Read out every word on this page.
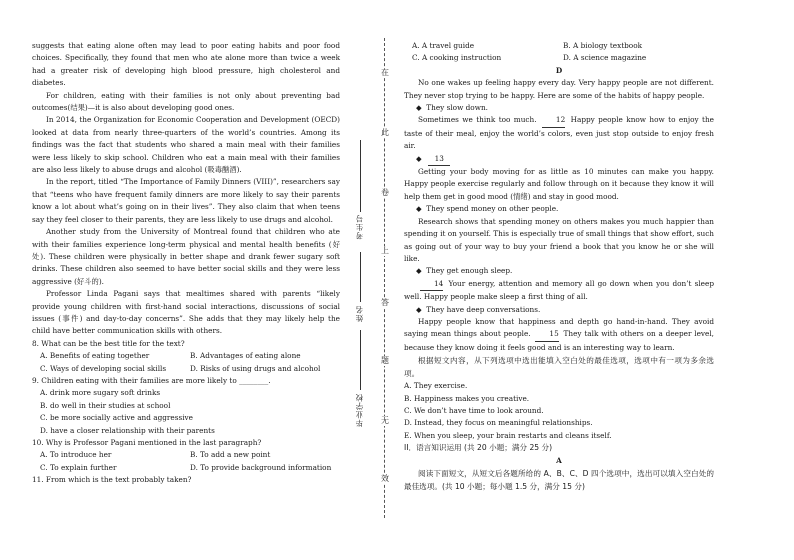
suggests that eating alone often may lead to poor eating habits and poor food choices. Specifically, they found that men who ate alone more than twice a week had a greater risk of developing high blood pressure, high cholesterol and diabetes.

For children, eating with their families is not only about preventing bad outcomes(结果)—it is also about developing good ones.

In 2014, the Organization for Economic Cooperation and Development (OECD) looked at data from nearly three-quarters of the world’s countries. Among its findings was the fact that students who shared a main meal with their families were less likely to skip school. Children who eat a main meal with their families are also less likely to abuse drugs and alcohol (吸毒酗酒).

In the report, titled “The Importance of Family Dinners (VIII)”, researchers say that “teens who have frequent family dinners are more likely to say their parents know a lot about what’s going on in their lives”. They also claim that when teens say they feel closer to their parents, they are less likely to use drugs and alcohol.

Another study from the University of Montreal found that children who ate with their families experience long-term physical and mental health benefits (好处). These children were physically in better shape and drank fewer sugary soft drinks. These children also seemed to have better social skills and they were less aggressive (好斗的).

Professor Linda Pagani says that mealtimes shared with parents “likely provide young children with first-hand social interactions, discussions of social issues (事件) and day-to-day concerns”. She adds that they may likely help the child have better communication skills with others.

8. What can be the best title for the text?
A. Benefits of eating together	B. Advantages of eating alone
C. Ways of developing social skills	D. Risks of using drugs and alcohol
9. Children eating with their families are more likely to ________.
A. drink more sugary soft drinks
B. do well in their studies at school
C. be more socially active and aggressive
D. have a closer relationship with their parents
10. Why is Professor Pagani mentioned in the last paragraph?
A. To introduce her	B. To add a new point
C. To explain further	D. To provide background information
11. From which is the text probably taken?
在
此
卷
上
答
题
无
效
考生号
姓名
毕业学校
A. A travel guide	B. A biology textbook
C. A cooking instruction	D. A science magazine
D

No one wakes up feeling happy every day. Very happy people are not different. They never stop trying to be happy. Here are some of the habits of happy people.

◆ They slow down.

Sometimes we think too much.	12 Happy people know how to enjoy the taste of their meal, enjoy the world’s colors, even just stop outside to enjoy fresh air.

◆ 13

Getting your body moving for as little as 10 minutes can make you happy. Happy people exercise regularly and follow through on it because they know it will help them get in good mood (情绪) and stay in good mood.

◆ They spend money on other people.

Research shows that spending money on others makes you much happier than spending it on yourself. This is especially true of small things that show effort, such as going out of your way to buy your friend a book that you know he or she will like.

◆ They get enough sleep.

14 Your energy, attention and memory all go down when you don’t sleep well. Happy people make sleep a first thing of all.

◆ They have deep conversations.

Happy people know that happiness and depth go hand-in-hand. They avoid saying mean things about people.	15 They talk with others on a deeper level, because they know doing it feels good and is an interesting way to learn.

根据短文内容，从下列选项中选出能填入空白处的最佳选项，选项中有一项为多余选项。

A. They exercise.
B. Happiness makes you creative.
C. We don’t have time to look around.
D. Instead, they focus on meaningful relationships.
E. When you sleep, your brain restarts and cleans itself.
II．语言知识运用 (共 20 小题；满分 25 分)
A

阅读下面短文，从短文后各题所给的 A、B、C、D 四个选项中，选出可以填入空白处的最佳选项。(共 10 小题；每小题 1.5 分，满分 15 分)
